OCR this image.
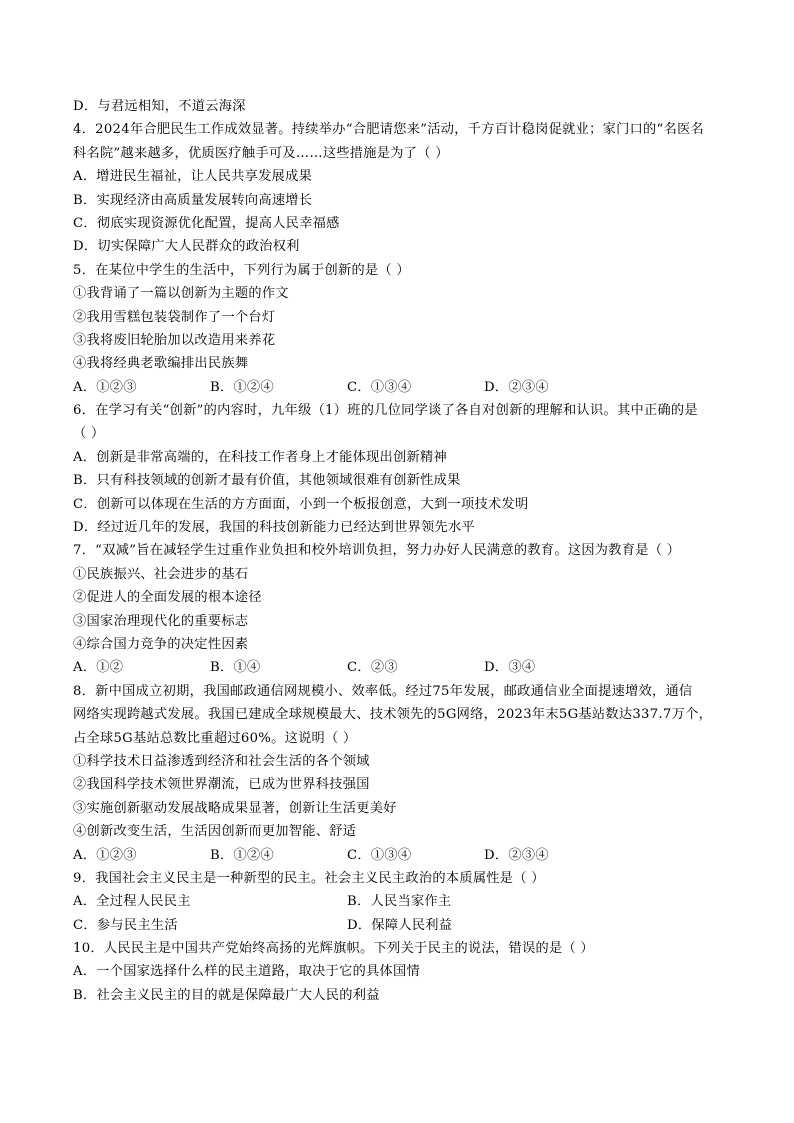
D．与君远相知，不道云海深
4．2024年合肥民生工作成效显著。持续举办“合肥请您来”活动，千方百计稳岗促就业；家门口的“名医名
科名院”越来越多，优质医疗触手可及……这些措施是为了（ ）
A．增进民生福祉，让人民共享发展成果
B．实现经济由高质量发展转向高速增长
C．彻底实现资源优化配置，提高人民幸福感
D．切实保障广大人民群众的政治权利
5．在某位中学生的生活中，下列行为属于创新的是（ ）
①我背诵了一篇以创新为主题的作文
②我用雪糕包装袋制作了一个台灯
③我将废旧轮胎加以改造用来养花
④我将经典老歌编排出民族舞
A．①②③	B．①②④	C．①③④	D．②③④
6．在学习有关“创新”的内容时，九年级（1）班的几位同学谈了各自对创新的理解和认识。其中正确的是
（ ）
A．创新是非常高端的，在科技工作者身上才能体现出创新精神
B．只有科技领域的创新才最有价值，其他领域很难有创新性成果
C．创新可以体现在生活的方方面面，小到一个板报创意，大到一项技术发明
D．经过近几年的发展，我国的科技创新能力已经达到世界领先水平
7．“双减”旨在减轻学生过重作业负担和校外培训负担，努力办好人民满意的教育。这因为教育是（ ）
①民族振兴、社会进步的基石
②促进人的全面发展的根本途径
③国家治理现代化的重要标志
④综合国力竞争的决定性因素
A．①②	B．①④	C．②③	D．③④
8．新中国成立初期，我国邮政通信网规模小、效率低。经过75年发展，邮政通信业全面提速增效，通信
网络实现跨越式发展。我国已建成全球规模最大、技术领先的5G网络，2023年末5G基站数达337.7万个，
占全球5G基站总数比重超过60%。这说明（ ）
①科学技术日益渗透到经济和社会生活的各个领域
②我国科学技术领世界潮流，已成为世界科技强国
③实施创新驱动发展战略成果显著，创新让生活更美好
④创新改变生活，生活因创新而更加智能、舒适
A．①②③	B．①②④	C．①③④	D．②③④
9．我国社会主义民主是一种新型的民主。社会主义民主政治的本质属性是（ ）
A．全过程人民民主	B．人民当家作主
C．参与民主生活	D．保障人民利益
10．人民民主是中国共产党始终高扬的光辉旗帜。下列关于民主的说法，错误的是（ ）
A．一个国家选择什么样的民主道路，取决于它的具体国情
B．社会主义民主的目的就是保障最广大人民的利益
